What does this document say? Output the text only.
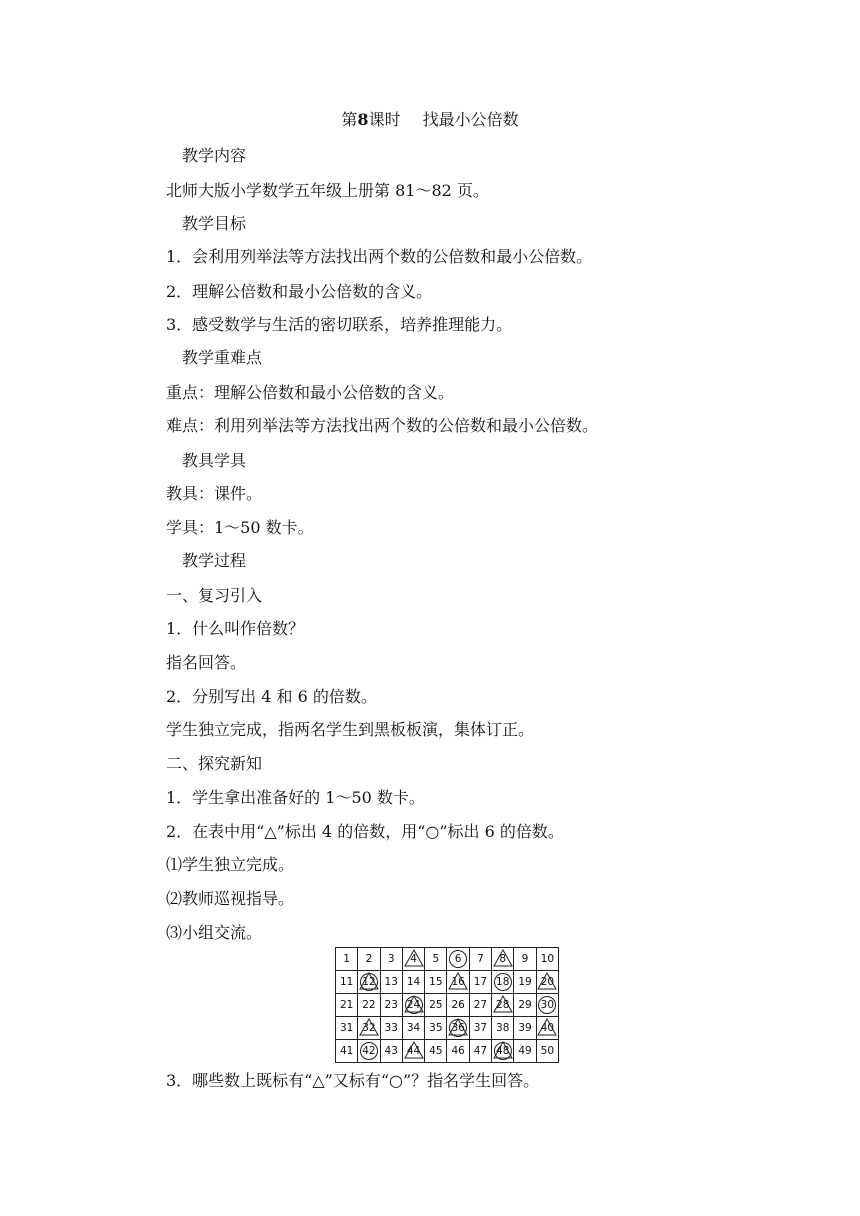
第8课时 找最小公倍数
教学内容
北师大版小学数学五年级上册第 81～82 页。
教学目标
1．会利用列举法等方法找出两个数的公倍数和最小公倍数。
2．理解公倍数和最小公倍数的含义。
3．感受数学与生活的密切联系，培养推理能力。
教学重难点
重点：理解公倍数和最小公倍数的含义。
难点：利用列举法等方法找出两个数的公倍数和最小公倍数。
教具学具
教具：课件。
学具：1～50 数卡。
教学过程
一、复习引入
1．什么叫作倍数？
指名回答。
2．分别写出 4 和 6 的倍数。
学生独立完成，指两名学生到黑板板演，集体订正。
二、探究新知
1．学生拿出准备好的 1～50 数卡。
2．在表中用“△”标出 4 的倍数，用“○”标出 6 的倍数。
⑴学生独立完成。
⑵教师巡视指导。
⑶小组交流。
1	2	3	4	5	6	7	8	9	10
11	12	13	14	15	16	17	18	19	20
21	22	23	24	25	26	27	28	29	30
31	32	33	34	35	36	37	38	39	40
41	42	43	44	45	46	47	48	49	50
3．哪些数上既标有“△”又标有“○”？指名学生回答。
